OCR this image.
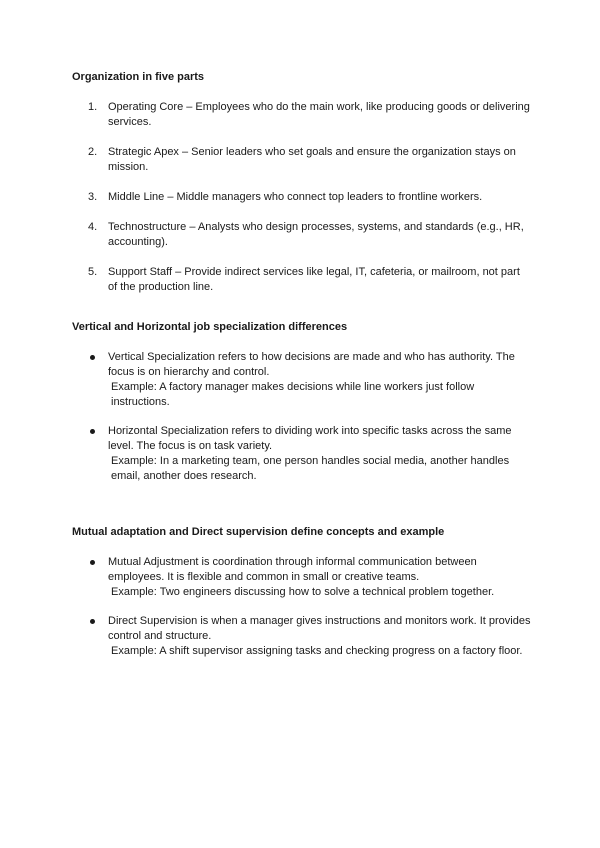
Organization in five parts
1. Operating Core – Employees who do the main work, like producing goods or delivering services.
2. Strategic Apex – Senior leaders who set goals and ensure the organization stays on mission.
3. Middle Line – Middle managers who connect top leaders to frontline workers.
4. Technostructure – Analysts who design processes, systems, and standards (e.g., HR, accounting).
5. Support Staff – Provide indirect services like legal, IT, cafeteria, or mailroom, not part of the production line.
Vertical and Horizontal job specialization differences
Vertical Specialization refers to how decisions are made and who has authority. The focus is on hierarchy and control.
Example: A factory manager makes decisions while line workers just follow instructions.
Horizontal Specialization refers to dividing work into specific tasks across the same level. The focus is on task variety.
Example: In a marketing team, one person handles social media, another handles email, another does research.
Mutual adaptation and Direct supervision define concepts and example
Mutual Adjustment is coordination through informal communication between employees. It is flexible and common in small or creative teams.
Example: Two engineers discussing how to solve a technical problem together.
Direct Supervision is when a manager gives instructions and monitors work. It provides control and structure.
Example: A shift supervisor assigning tasks and checking progress on a factory floor.
